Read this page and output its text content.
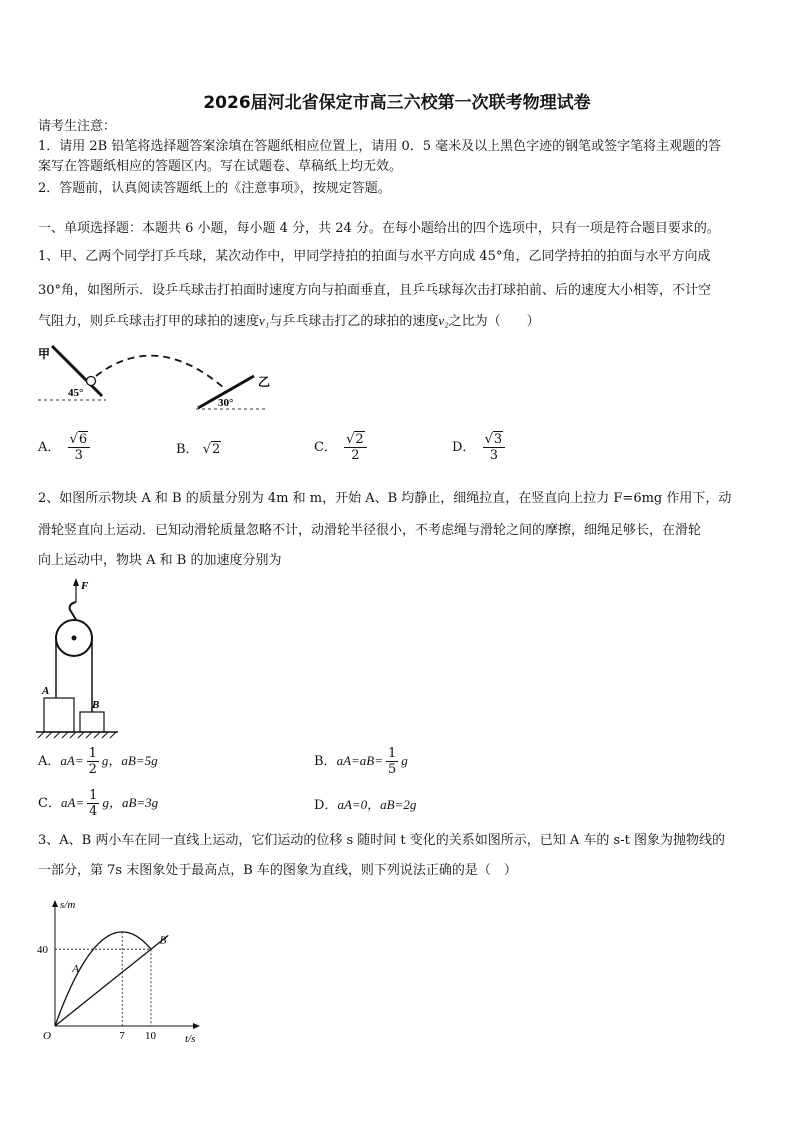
2026届河北省保定市高三六校第一次联考物理试卷
请考生注意：
1．请用 2B 铅笔将选择题答案涂填在答题纸相应位置上，请用 0．5 毫米及以上黑色字迹的钢笔或签字笔将主观题的答
案写在答题纸相应的答题区内。写在试题卷、草稿纸上均无效。
2．答题前，认真阅读答题纸上的《注意事项》，按规定答题。
一、单项选择题：本题共 6 小题，每小题 4 分，共 24 分。在每小题给出的四个选项中，只有一项是符合题目要求的。
1、甲、乙两个同学打乒乓球，某次动作中，甲同学持拍的拍面与水平方向成 45°角，乙同学持拍的拍面与水平方向成
30°角，如图所示．设乒乓球击打拍面时速度方向与拍面垂直，且乒乓球每次击打球拍前、后的速度大小相等，不计空
气阻力，则乒乓球击打甲的球拍的速度v₁与乒乓球击打乙的球拍的速度v₂之比为（　　）
甲
乙
45°
30°
A． $\frac{√6}{3}$	B． √2	C． $\frac{√2}{2}$	D． $\frac{√3}{3}$
2、如图所示物块 A 和 B 的质量分别为 4m 和 m，开始 A、B 均静止，细绳拉直，在竖直向上拉力 F=6mg 作用下，动
滑轮竖直向上运动．已知动滑轮质量忽略不计，动滑轮半径很小，不考虑绳与滑轮之间的摩擦，细绳足够长，在滑轮
向上运动中，物块 A 和 B 的加速度分别为
F
A
B
A．$aA= \frac{1}{2}$ g，aB=5g	B．$aA=aB= \frac{1}{5}$ g
C．$aA= \frac{1}{4}$ g，aB=3g	D．aA=0，aB=2g
3、A、B 两小车在同一直线上运动，它们运动的位移 s 随时间 t 变化的关系如图所示，已知 A 车的 s-t 图象为抛物线的
一部分，第 7s 末图象处于最高点，B 车的图象为直线，则下列说法正确的是（　）
s/m
t/s
O
40
7 10
A
B
